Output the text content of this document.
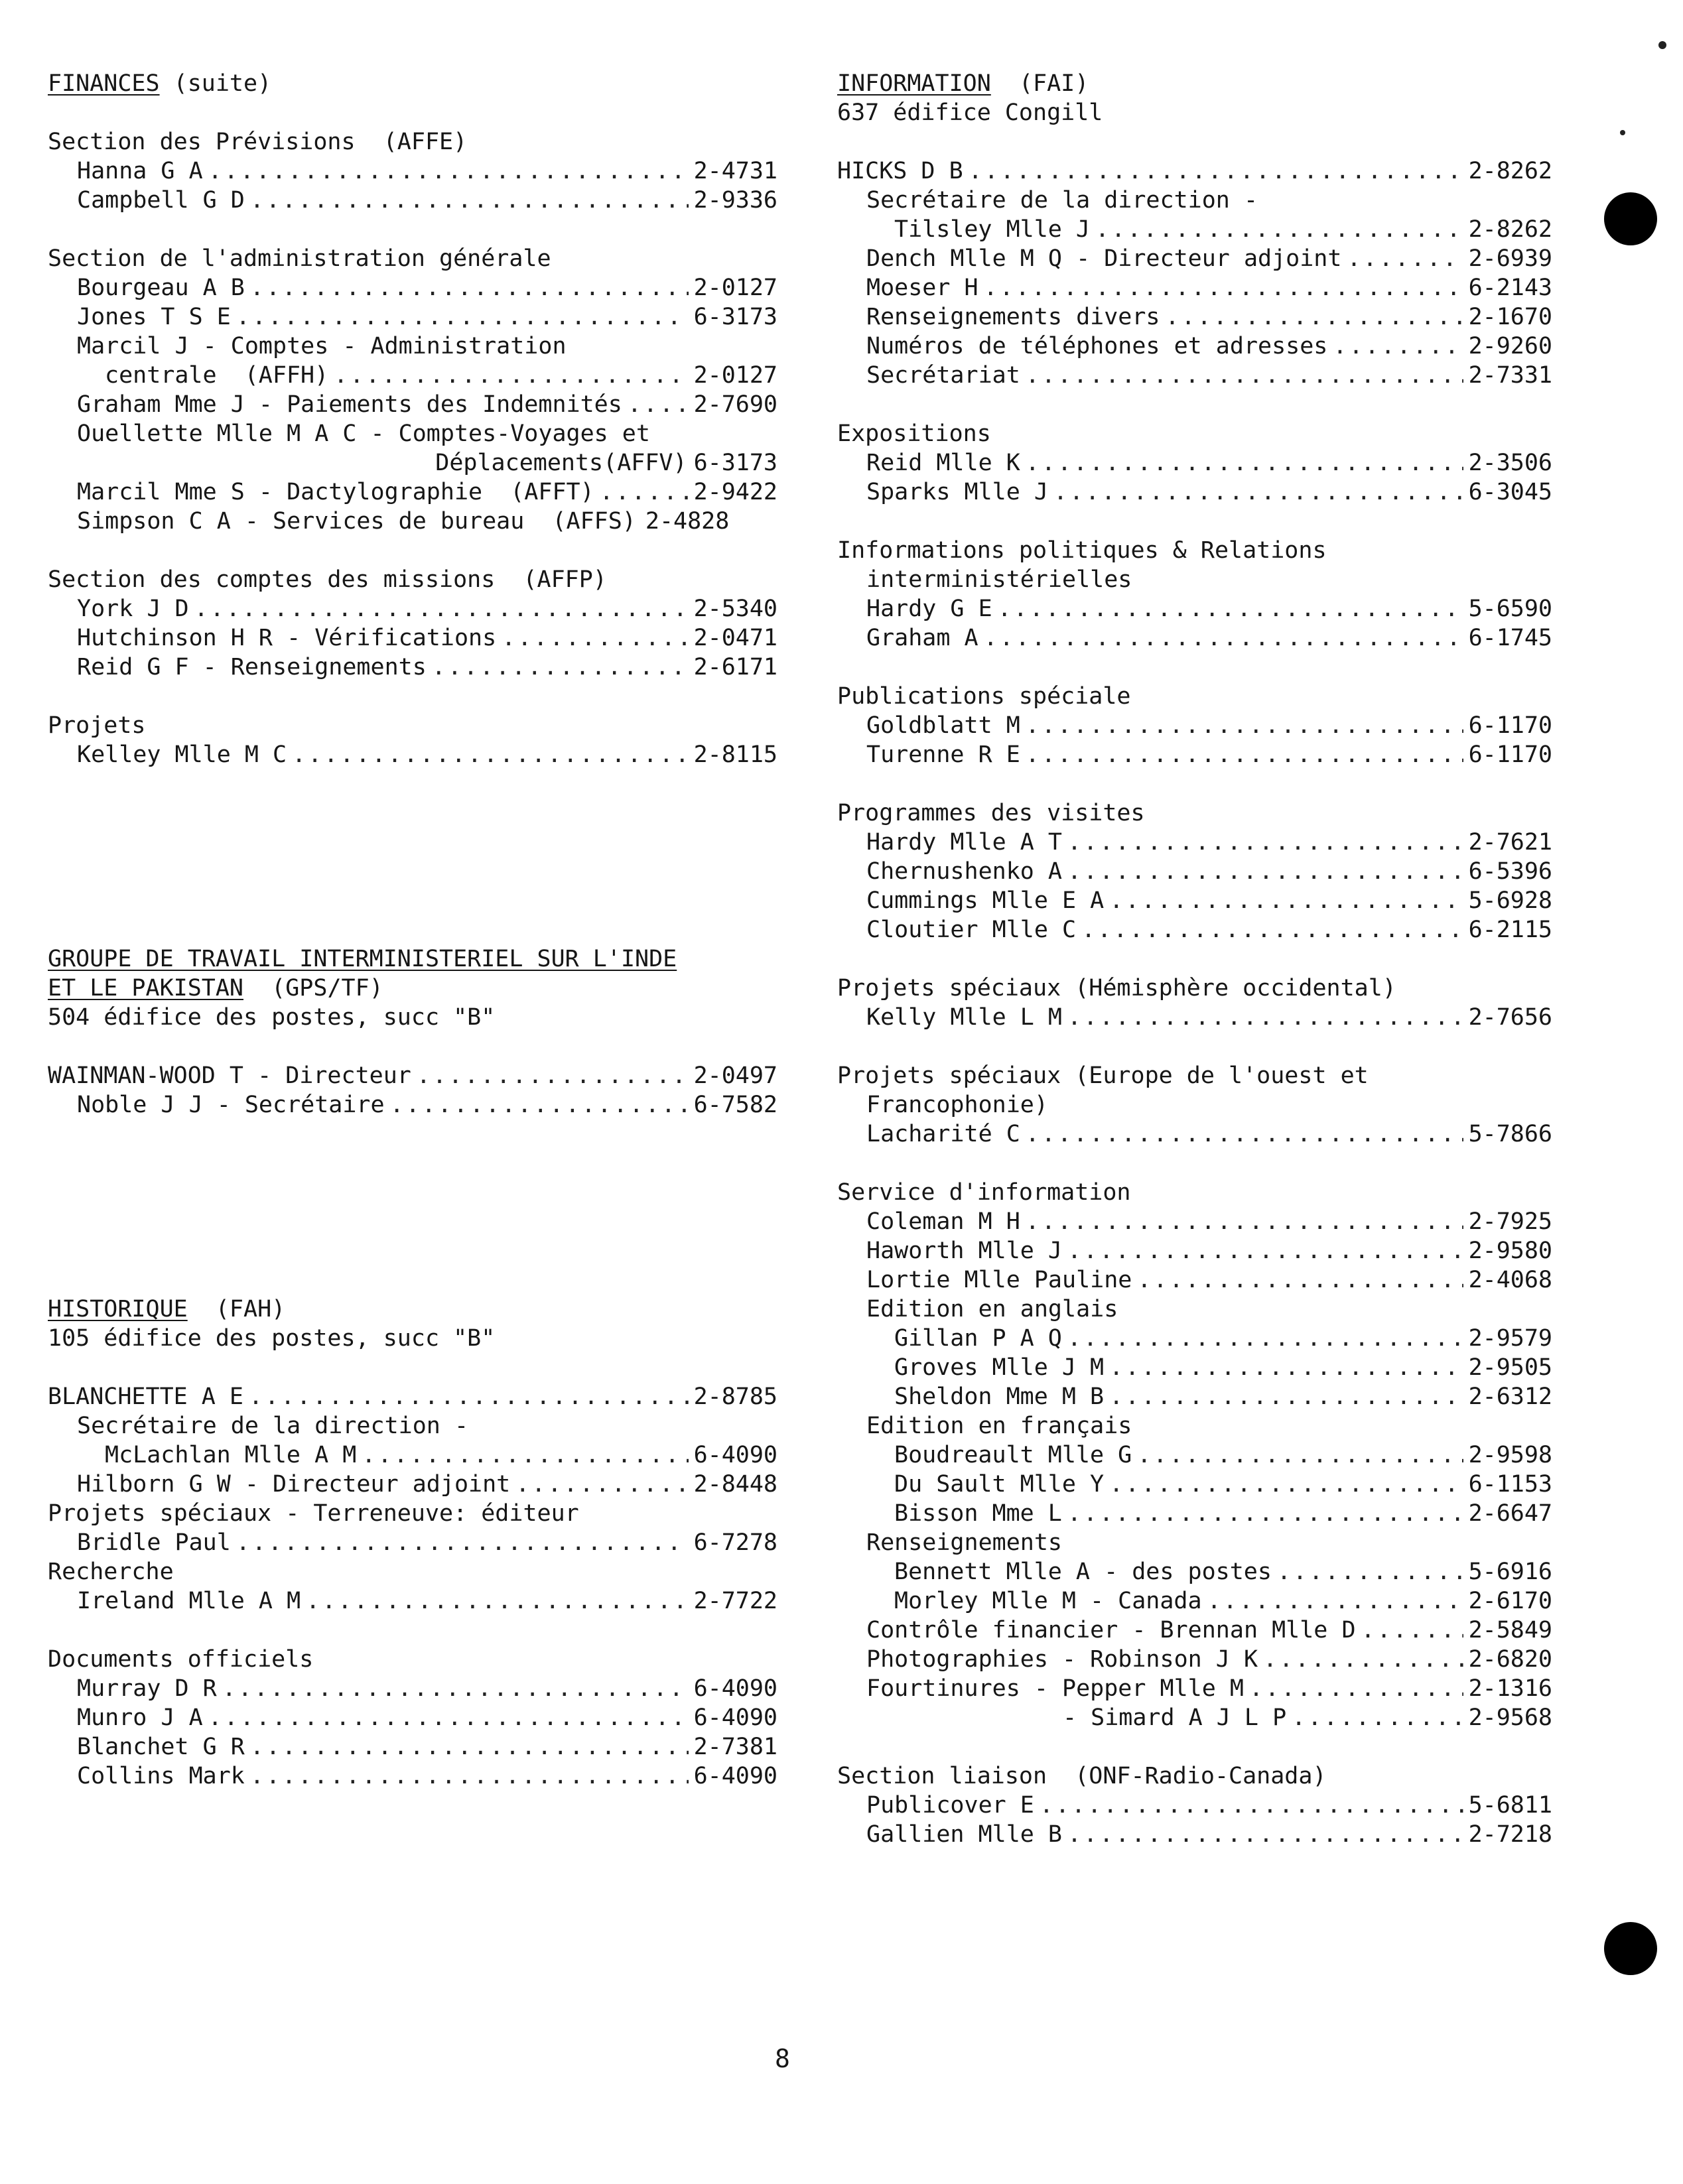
FINANCES (suite)
Section des Prévisions  (AFFE)
Hanna G A .....	2-4731
Campbell G D .....	2-9336
Section de l'administration générale
Bourgeau A B .....	2-0127
Jones T S E .....	6-3173
Marcil J - Comptes - Administration
centrale  (AFFH) .....	2-0127
Graham Mme J - Paiements des Indemnités .....	2-7690
Ouellette Mlle M A C - Comptes-Voyages et
Déplacements(AFFV) 6-3173
Marcil Mme S - Dactylographie  (AFFT) .....	2-9422
Simpson C A - Services de bureau  (AFFS) 2-4828
Section des comptes des missions  (AFFP)
York J D .....	2-5340
Hutchinson H R - Vérifications .....	2-0471
Reid G F - Renseignements .....	2-6171
Projets
Kelley Mlle M C .....	2-8115
GROUPE DE TRAVAIL INTERMINISTERIEL SUR L'INDE
ET LE PAKISTAN  (GPS/TF)
504 édifice des postes, succ "B"
WAINMAN-WOOD T - Directeur .....	2-0497
Noble J J - Secrétaire .....	6-7582
HISTORIQUE  (FAH)
105 édifice des postes, succ "B"
BLANCHETTE A E .....	2-8785
Secrétaire de la direction -
McLachlan Mlle A M .....	6-4090
Hilborn G W - Directeur adjoint .....	2-8448
Projets spéciaux - Terreneuve: éditeur
Bridle Paul .....	6-7278
Recherche
Ireland Mlle A M .....	2-7722
Documents officiels
Murray D R .....	6-4090
Munro J A .....	6-4090
Blanchet G R .....	2-7381
Collins Mark .....	6-4090
INFORMATION  (FAI)
637 édifice Congill
HICKS D B .....	2-8262
Secrétaire de la direction -
Tilsley Mlle J .....	2-8262
Dench Mlle M Q - Directeur adjoint .....	2-6939
Moeser H .....	6-2143
Renseignements divers .....	2-1670
Numéros de téléphones et adresses .....	2-9260
Secrétariat .....	2-7331
Expositions
Reid Mlle K .....	2-3506
Sparks Mlle J .....	6-3045
Informations politiques & Relations
interministérielles
Hardy G E .....	5-6590
Graham A .....	6-1745
Publications spéciale
Goldblatt M .....	6-1170
Turenne R E .....	6-1170
Programmes des visites
Hardy Mlle A T .....	2-7621
Chernushenko A .....	6-5396
Cummings Mlle E A .....	5-6928
Cloutier Mlle C .....	6-2115
Projets spéciaux (Hémisphère occidental)
Kelly Mlle L M .....	2-7656
Projets spéciaux (Europe de l'ouest et
Francophonie)
Lacharité C .....	5-7866
Service d'information
Coleman M H .....	2-7925
Haworth Mlle J .....	2-9580
Lortie Mlle Pauline .....	2-4068
Edition en anglais
Gillan P A Q .....	2-9579
Groves Mlle J M .....	2-9505
Sheldon Mme M B .....	2-6312
Edition en français
Boudreault Mlle G .....	2-9598
Du Sault Mlle Y .....	6-1153
Bisson Mme L .....	2-6647
Renseignements
Bennett Mlle A - des postes .....	5-6916
Morley Mlle M - Canada .....	2-6170
Contrôle financier - Brennan Mlle D .....	2-5849
Photographies - Robinson J K .....	2-6820
Fourtinures - Pepper Mlle M .....	2-1316
- Simard A J L P .....	2-9568
Section liaison  (ONF-Radio-Canada)
Publicover E .....	5-6811
Gallien Mlle B .....	2-7218
8
